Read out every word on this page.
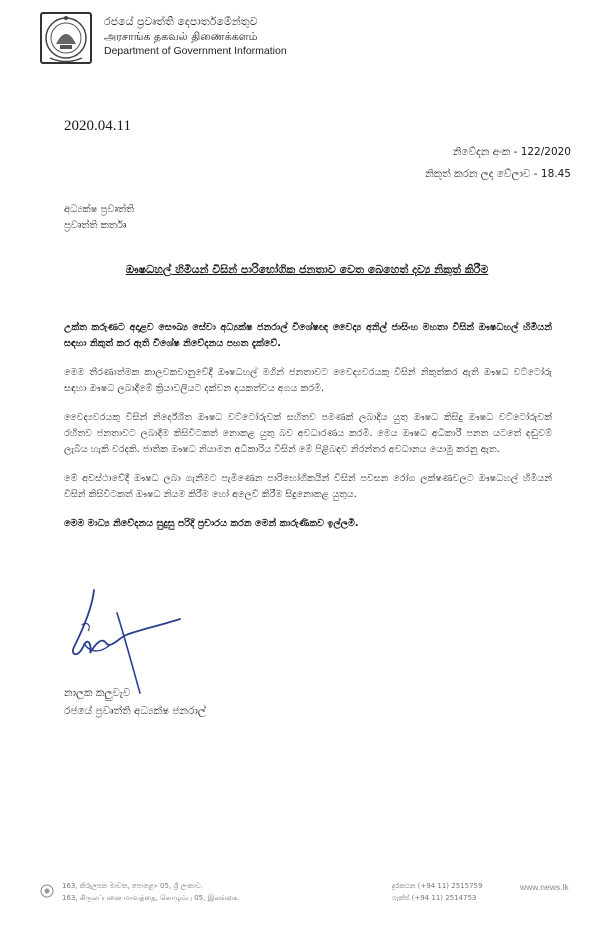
රජයේ ප්‍රවෘත්ති දෙපාර්තමේන්තුව
அரசாங்க தகவல் திணைக்களம்
Department of Government Information
2020.04.11
නිවේදන අංක - 122/2020
නිකුත් කරන ලද වේලාව - 18.45
අධ්‍යක්ෂ ප්‍රවෘත්ති
ප්‍රවෘත්ති කර්තෘ
ඖෂධහල් හිමියන් විසින් පාරිභෝගික ජනතාව වෙත බෙහෙත් දව්‍ය නිකුත් කිරීම

උක්ත කරුණට අදාළව සෞඛ්‍ය සේවා අධ්‍යක්ෂ ජනරාල් විශේෂඥ වෛද්‍ය අනිල් ජාසිංහ මහතා විසින් ඖෂධහල් හිමියන් සඳහා නිකුත් කර ඇති විශේෂ නිවේදනය පහත දැක්වේ.

මෙම තීරණාත්මක කාලවකවානුවේදී ඖෂධහල් මගින් ජනතාවට වෛද්‍යවරයකු විසින් නිකුත්කර ඇති ඖෂධ වට්ටෝරු සඳහා ඖෂධ ලබාදීමේ ක්‍රියාවලියට දක්වන දායකත්වය අගය කරමි.

වෛද්‍යවරයකු විසින් නිර්දේශිත ඖෂධ වට්ටෝරුවක් සහිතව පමණක් ලබාදිය යුතු ඖෂධ කිසිදු ඖෂධ වට්ටෝරුවක් රහිතව ජනතාවට ලබාදීම කිසිවිටකත් නොකළ යුතු බව අවධාරණය කරමි. මෙය ඖෂධ අධිකාරී පනත යටතේ දඬුවම් ලැබිය හැකි වරදකි. ජාතික ඖෂධ නියාමන අධිකාරිය විසින් මේ පිළිබඳව නිරන්තර අවධානය යොමු කරනු ඇත.

මේ අවස්ථාවේදී ඖෂධ ලබා ගැනීමට පැමිණෙන පාරිභෝගිකයින් විසින් පවසන රෝග ලක්ෂණවලට ඖෂධහල් හිමියන් විසින් කිසිවිටකත් ඖෂධ නියම කිරීම හෝ අලෙවි කිරීම සිදුනොකළ යුතුය.

මෙම මාධ්‍ය නිවේදනය සුදුසු පරිදි ප්‍රචාරය කරන මෙන් කාරුණිකව ඉල්ලමි.

නාලක කලුවැව
රජයේ ප්‍රවෘත්ති අධ්‍යක්ෂ ජනරාල්
163, කිරුලපන මාවත, පොළොං 05, ශ්‍රී ලංකාව.
163, கிருலப்பனை மாவத்தை, கொழும்பு 05, இலங்கை.
දුරකථන (+94 11) 2515759
ෆැක්ස් (+94 11) 2514753
www.news.lk
